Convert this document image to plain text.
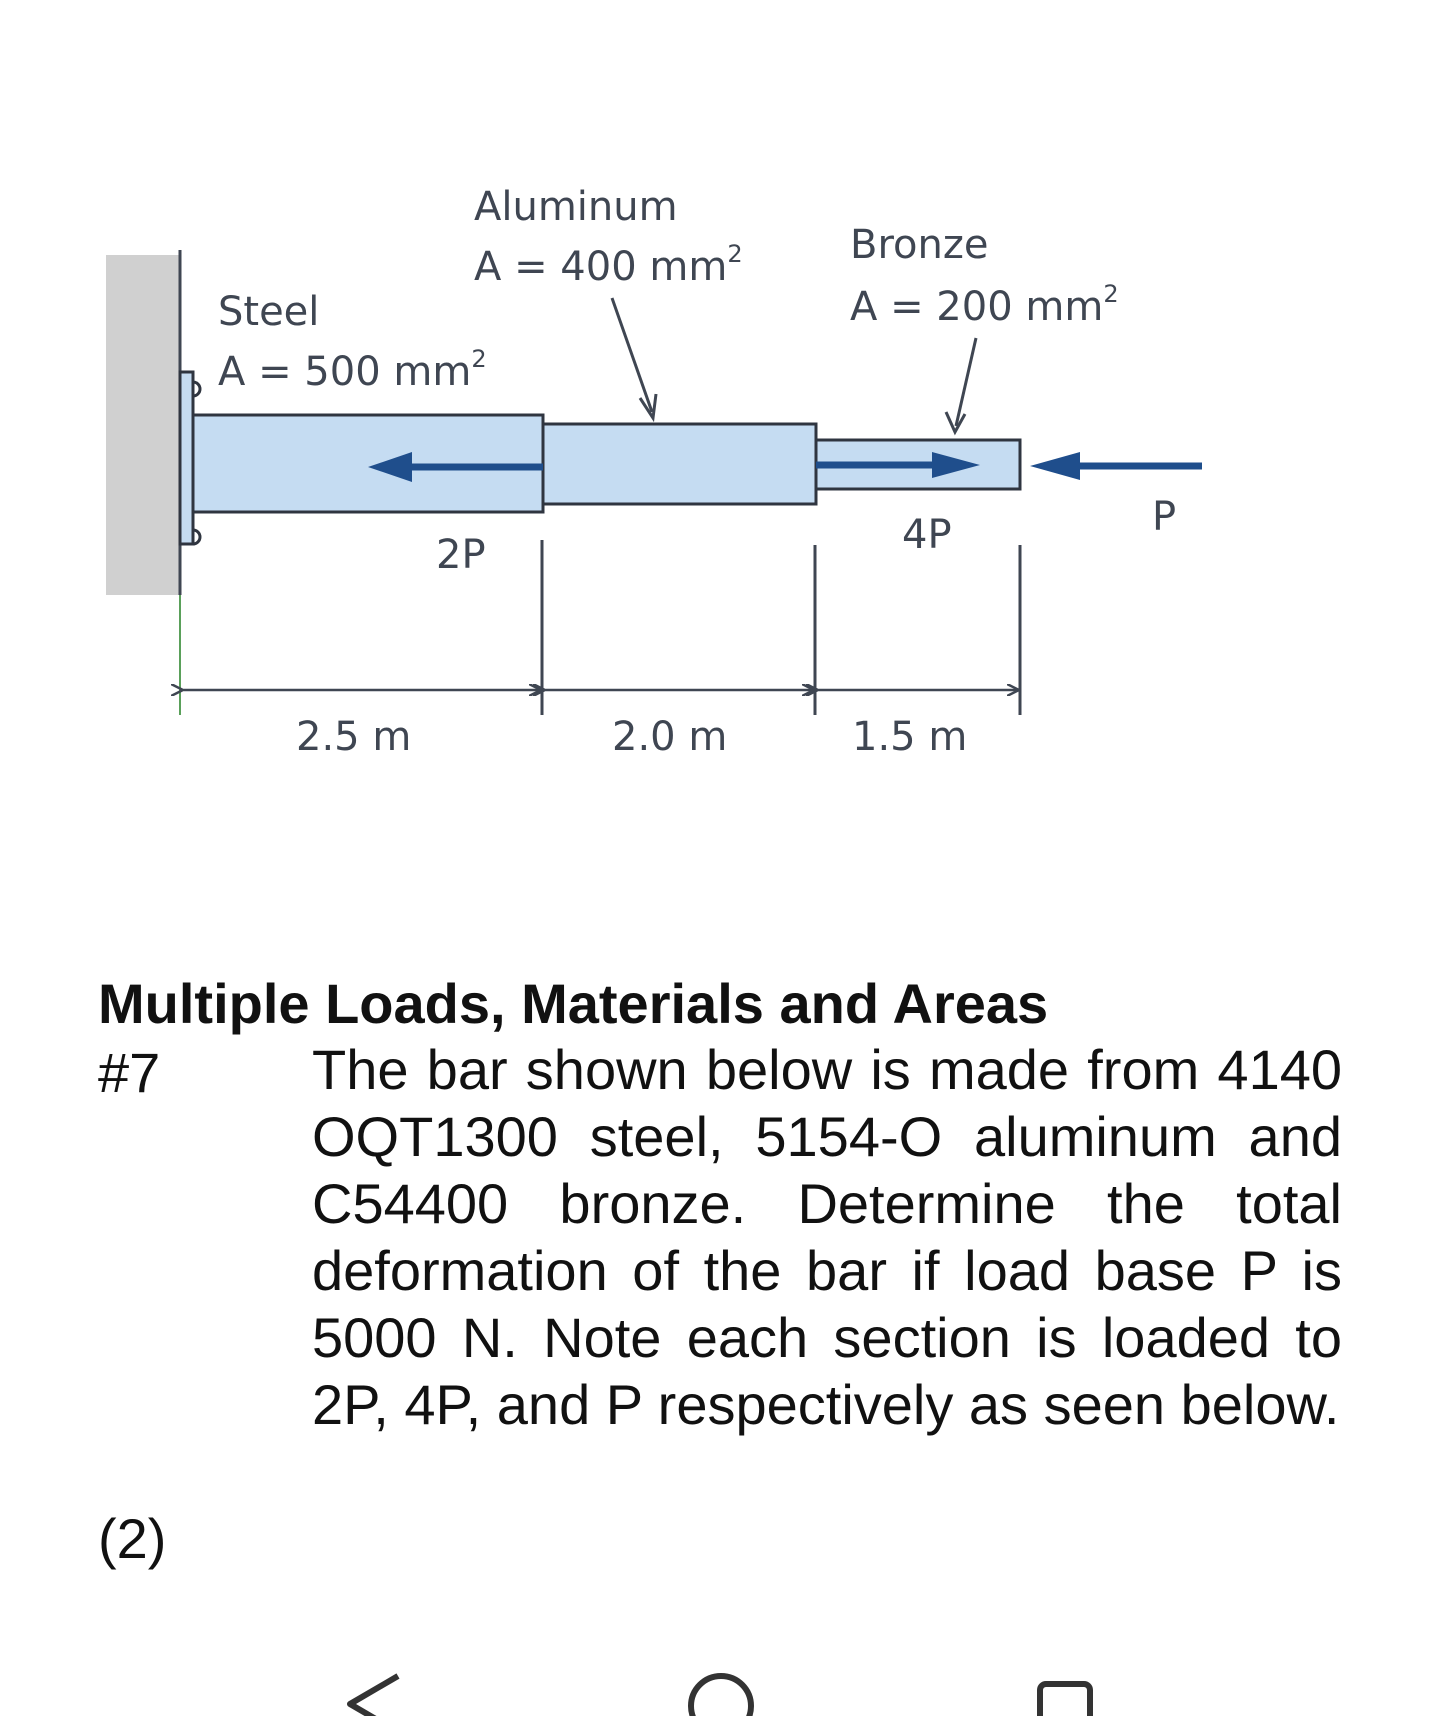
Steel
A = 500 $mm^2$
Aluminum
A = 400 $mm^2$	Bronze
A = 200 $mm^2$
2P	4P	P
2.5 m	2.0 m	1.5 m
Multiple Loads, Materials and Areas
#7	The bar shown below is made from 4140 OQT1300 steel, 5154-O aluminum and C54400 bronze. Determine the total deformation of the bar if load base P is 5000 N. Note each section is loaded to 2P, 4P, and P respectively as seen below.

(2)
